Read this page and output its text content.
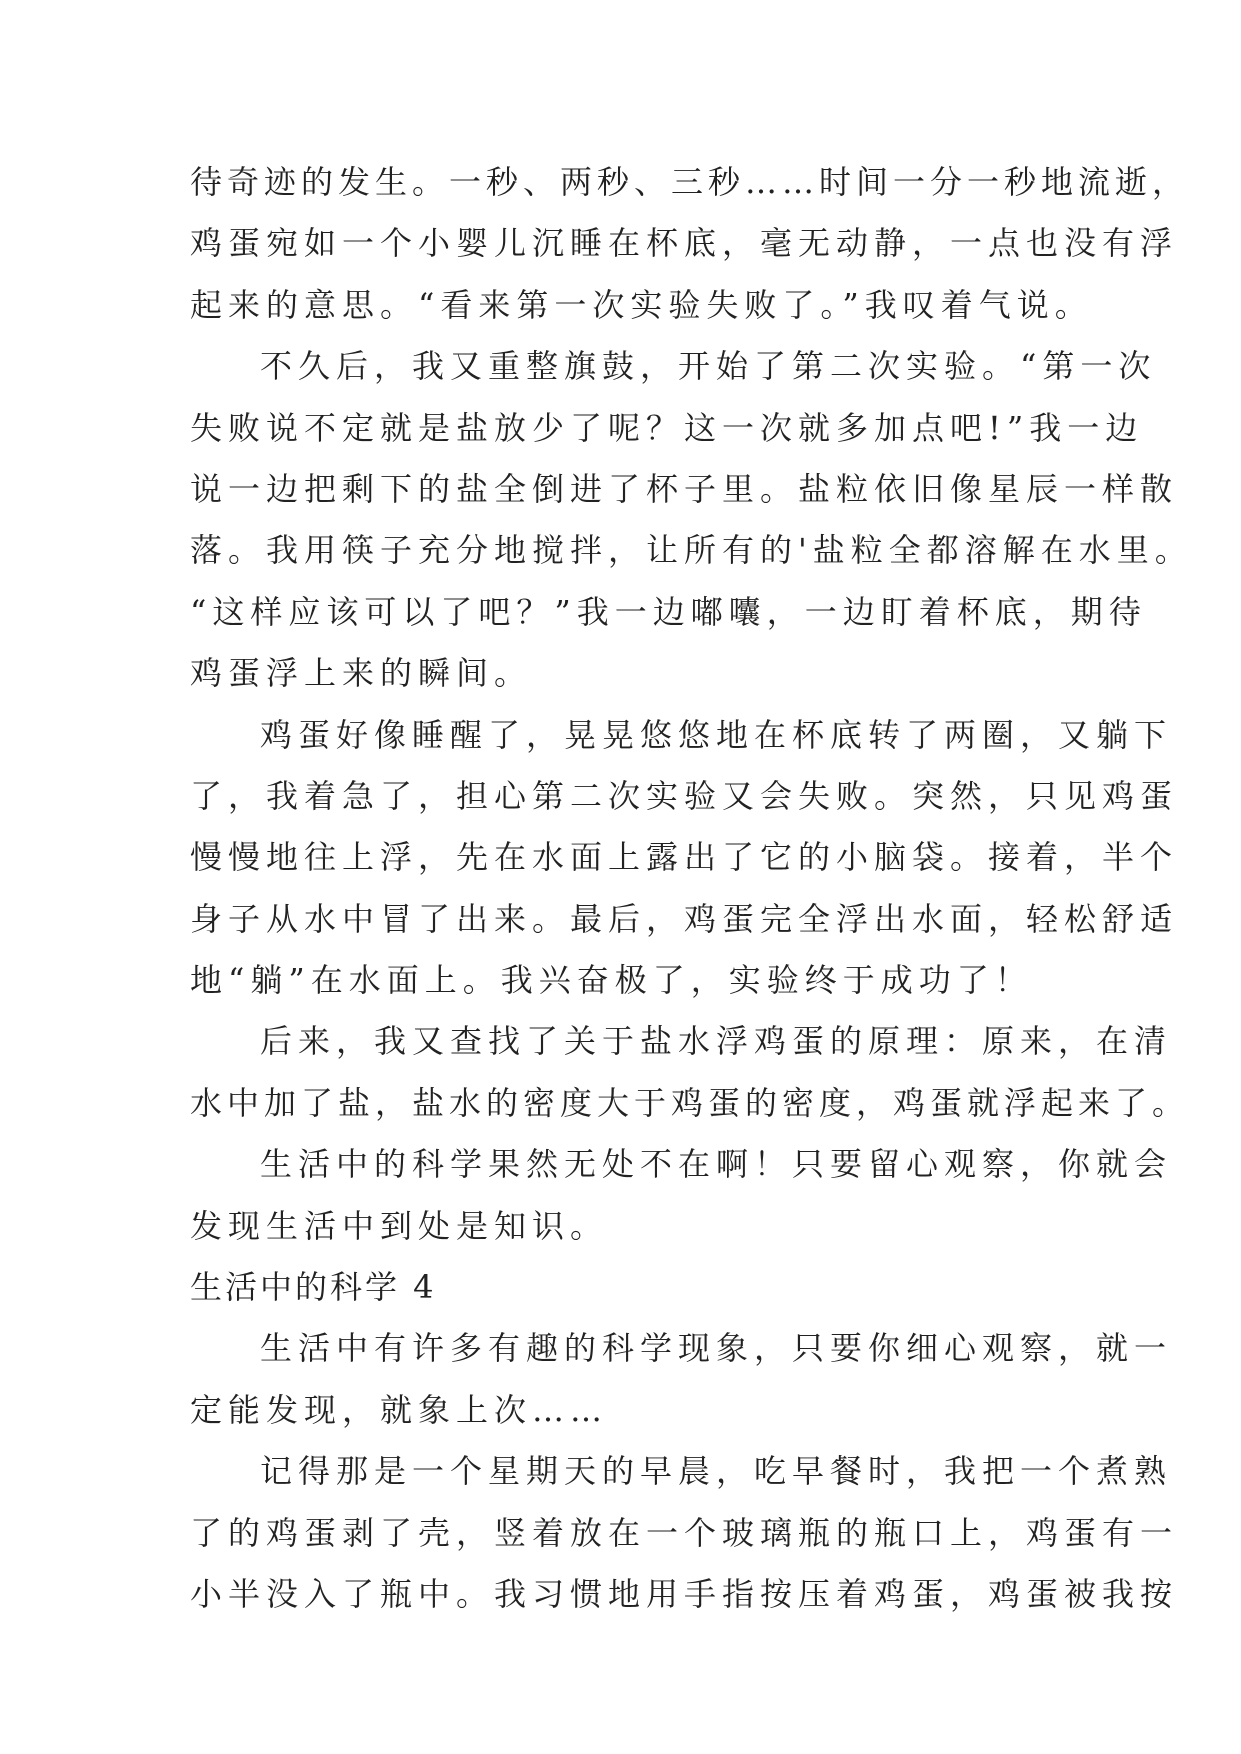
待奇迹的发生。一秒、两秒、三秒……时间一分一秒地流逝，
鸡蛋宛如一个小婴儿沉睡在杯底，毫无动静，一点也没有浮
起来的意思。“看来第一次实验失败了。”我叹着气说。
不久后，我又重整旗鼓，开始了第二次实验。“第一次
失败说不定就是盐放少了呢？这一次就多加点吧!”我一边
说一边把剩下的盐全倒进了杯子里。盐粒依旧像星辰一样散
落。我用筷子充分地搅拌，让所有的'盐粒全都溶解在水里。
“这样应该可以了吧？”我一边嘟囔，一边盯着杯底，期待
鸡蛋浮上来的瞬间。
鸡蛋好像睡醒了，晃晃悠悠地在杯底转了两圈，又躺下
了，我着急了，担心第二次实验又会失败。突然，只见鸡蛋
慢慢地往上浮，先在水面上露出了它的小脑袋。接着，半个
身子从水中冒了出来。最后，鸡蛋完全浮出水面，轻松舒适
地“躺”在水面上。我兴奋极了，实验终于成功了！
后来，我又查找了关于盐水浮鸡蛋的原理：原来，在清
水中加了盐，盐水的密度大于鸡蛋的密度，鸡蛋就浮起来了。
生活中的科学果然无处不在啊！只要留心观察，你就会
发现生活中到处是知识。
生活中的科学 4
生活中有许多有趣的科学现象，只要你细心观察，就一
定能发现，就象上次……
记得那是一个星期天的早晨，吃早餐时，我把一个煮熟
了的鸡蛋剥了壳，竖着放在一个玻璃瓶的瓶口上，鸡蛋有一
小半没入了瓶中。我习惯地用手指按压着鸡蛋，鸡蛋被我按
